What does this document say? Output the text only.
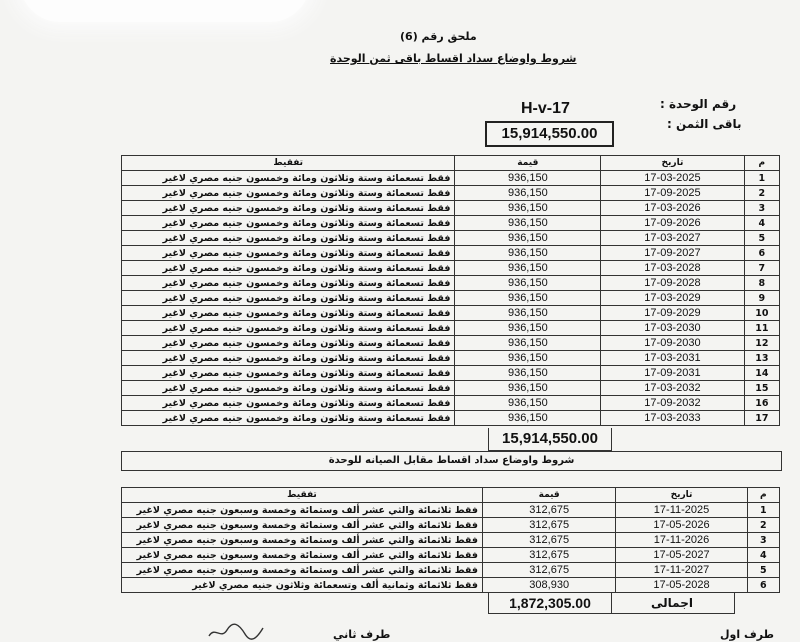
ملحق رقم (6)
شروط واوضاع سداد اقساط باقى ثمن الوحدة
رقم الوحدة :
H-v-17
باقى الثمن :
15,914,550.00
تفقيط	قيمة	تاريخ	م
فقط تسعمائة وستة وثلاثون ومائة وخمسون جنيه مصري لاغير	936,150	17-03-2025	1
فقط تسعمائة وستة وثلاثون ومائة وخمسون جنيه مصري لاغير	936,150	17-09-2025	2
فقط تسعمائة وستة وثلاثون ومائة وخمسون جنيه مصري لاغير	936,150	17-03-2026	3
فقط تسعمائة وستة وثلاثون ومائة وخمسون جنيه مصري لاغير	936,150	17-09-2026	4
فقط تسعمائة وستة وثلاثون ومائة وخمسون جنيه مصري لاغير	936,150	17-03-2027	5
فقط تسعمائة وستة وثلاثون ومائة وخمسون جنيه مصري لاغير	936,150	17-09-2027	6
فقط تسعمائة وستة وثلاثون ومائة وخمسون جنيه مصري لاغير	936,150	17-03-2028	7
فقط تسعمائة وستة وثلاثون ومائة وخمسون جنيه مصري لاغير	936,150	17-09-2028	8
فقط تسعمائة وستة وثلاثون ومائة وخمسون جنيه مصري لاغير	936,150	17-03-2029	9
فقط تسعمائة وستة وثلاثون ومائة وخمسون جنيه مصري لاغير	936,150	17-09-2029	10
فقط تسعمائة وستة وثلاثون ومائة وخمسون جنيه مصري لاغير	936,150	17-03-2030	11
فقط تسعمائة وستة وثلاثون ومائة وخمسون جنيه مصري لاغير	936,150	17-09-2030	12
فقط تسعمائة وستة وثلاثون ومائة وخمسون جنيه مصري لاغير	936,150	17-03-2031	13
فقط تسعمائة وستة وثلاثون ومائة وخمسون جنيه مصري لاغير	936,150	17-09-2031	14
فقط تسعمائة وستة وثلاثون ومائة وخمسون جنيه مصري لاغير	936,150	17-03-2032	15
فقط تسعمائة وستة وثلاثون ومائة وخمسون جنيه مصري لاغير	936,150	17-09-2032	16
فقط تسعمائة وستة وثلاثون ومائة وخمسون جنيه مصري لاغير	936,150	17-03-2033	17
15,914,550.00
شروط واوضاع سداد اقساط مقابل الصيانه للوحدة
تفقيط	قيمة	تاريخ	م
فقط ثلاثمائة والثي عشر ألف وستمائة وخمسة وسبعون جنيه مصري لاغير	312,675	17-11-2025	1
فقط ثلاثمائة والثي عشر ألف وستمائة وخمسة وسبعون جنيه مصري لاغير	312,675	17-05-2026	2
فقط ثلاثمائة والثي عشر ألف وستمائة وخمسة وسبعون جنيه مصري لاغير	312,675	17-11-2026	3
فقط ثلاثمائة والثي عشر ألف وستمائة وخمسة وسبعون جنيه مصري لاغير	312,675	17-05-2027	4
فقط ثلاثمائة والثي عشر ألف وستمائة وخمسة وسبعون جنيه مصري لاغير	312,675	17-11-2027	5
فقط ثلاثمائة وثمانية ألف وتسعمائة وثلاثون جنيه مصري لاغير	308,930	17-05-2028	6
1,872,305.00	اجمالى
طرف اول
طرف ثاني
